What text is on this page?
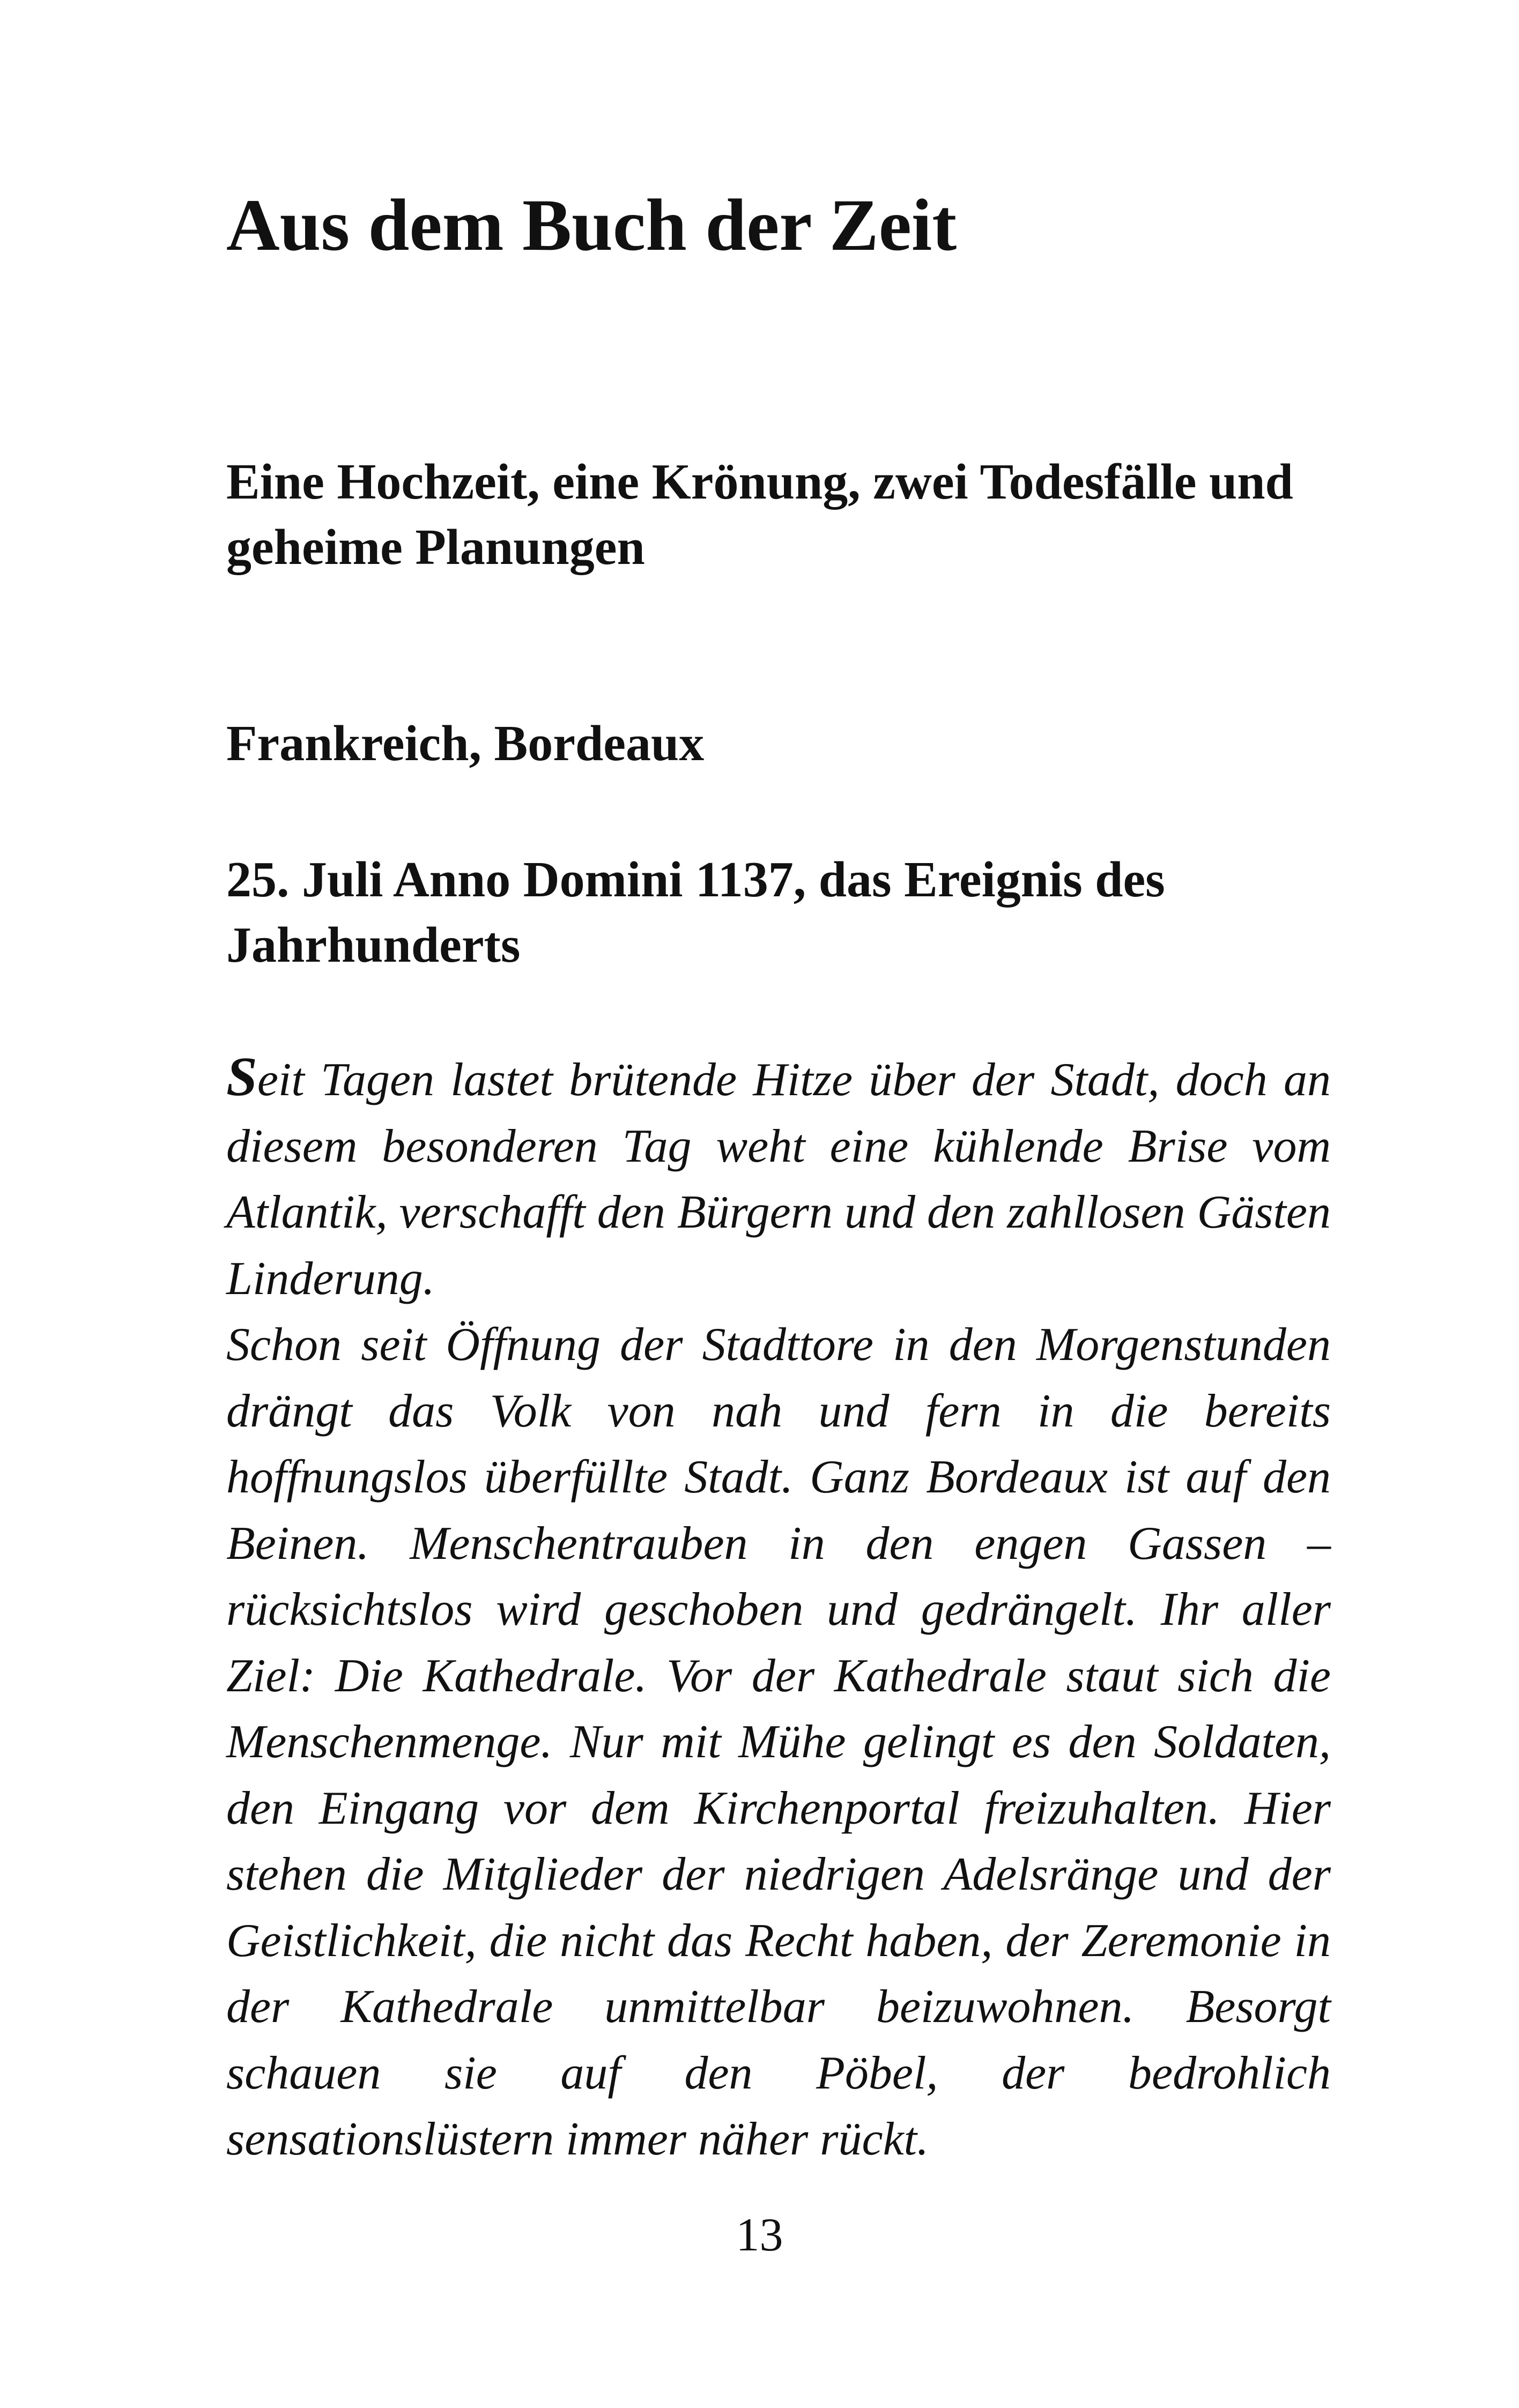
Aus dem Buch der Zeit
Eine Hochzeit, eine Krönung, zwei Todesfälle und geheime Planungen
Frankreich, Bordeaux
25. Juli Anno Domini 1137, das Ereignis des Jahrhunderts

Seit Tagen lastet brütende Hitze über der Stadt, doch an diesem besonderen Tag weht eine kühlende Brise vom Atlantik, verschafft den Bürgern und den zahllosen Gästen Linderung.

Schon seit Öffnung der Stadttore in den Morgenstunden drängt das Volk von nah und fern in die bereits hoffnungslos überfüllte Stadt. Ganz Bordeaux ist auf den Beinen. Menschentrauben in den engen Gassen – rücksichtslos wird geschoben und gedrängelt. Ihr aller Ziel: Die Kathedrale. Vor der Kathedrale staut sich die Menschenmenge. Nur mit Mühe gelingt es den Soldaten, den Eingang vor dem Kirchenportal freizuhalten. Hier stehen die Mitglieder der niedrigen Adelsränge und der Geistlichkeit, die nicht das Recht haben, der Zeremonie in der Kathedrale unmittelbar beizuwohnen. Besorgt schauen sie auf den Pöbel, der bedrohlich sensationslüstern immer näher rückt.

13
